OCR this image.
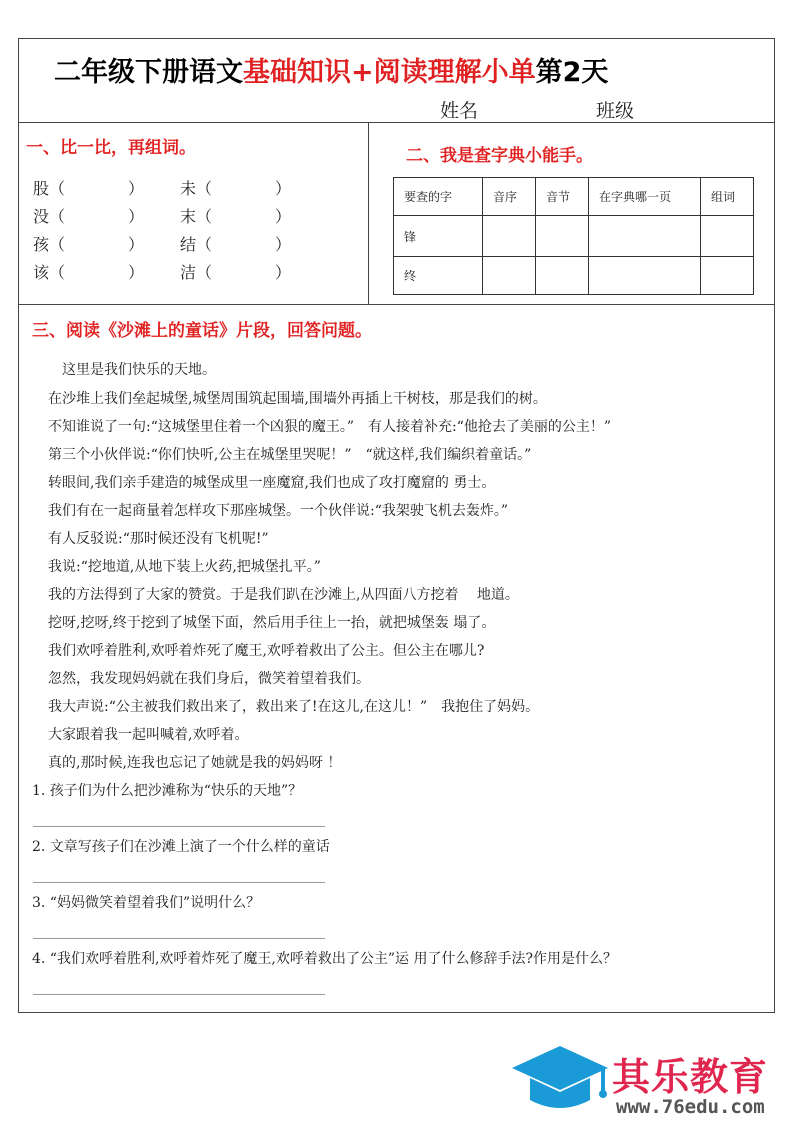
二年级下册语文基础知识+阅读理解小单第2天
姓名	班级
一、比一比，再组词。
股（	） 未（	）
没（	） 末（	）
孩（	） 结（	）
该（	） 洁（	）
二、我是查字典小能手。
要查的字	音序	音节	在字典哪一页	组词
锋				
终				
三、阅读《沙滩上的童话》片段，回答问题。
这里是我们快乐的天地。
在沙堆上我们垒起城堡,城堡周围筑起围墙,围墙外再插上干树枝，那是我们的树。
不知谁说了一句:“这城堡里住着一个凶狠的魔王。”　有人接着补充:“他抢去了美丽的公主！”
第三个小伙伴说:“你们快听,公主在城堡里哭呢！”　“就这样,我们编织着童话。”
转眼间,我们亲手建造的城堡成里一座魔窟,我们也成了攻打魔窟的 勇士。
我们有在一起商量着怎样攻下那座城堡。一个伙伴说:“我架驶飞机去轰炸。”
有人反驳说:“那时候还没有飞机呢!”
我说:“挖地道,从地下装上火药,把城堡扎平。”
我的方法得到了大家的赞赏。于是我们趴在沙滩上,从四面八方挖着　 地道。
挖呀,挖呀,终于挖到了城堡下面，然后用手往上一抬，就把城堡轰 塌了。
我们欢呼着胜利,欢呼着炸死了魔王,欢呼着救出了公主。但公主在哪儿?
忽然，我发现妈妈就在我们身后，微笑着望着我们。
我大声说:“公主被我们救出来了，救出来了!在这儿,在这儿！”　我抱住了妈妈。
大家跟着我一起叫喊着,欢呼着。
真的,那时候,连我也忘记了她就是我的妈妈呀 ！
1. 孩子们为什么把沙滩称为“快乐的天地”？
2. 文章写孩子们在沙滩上演了一个什么样的童话
3. “妈妈微笑着望着我们”说明什么？
4. “我们欢呼着胜利,欢呼着炸死了魔王,欢呼着救出了公主”运 用了什么修辞手法?作用是什么？
其乐教育
www.76edu.com
